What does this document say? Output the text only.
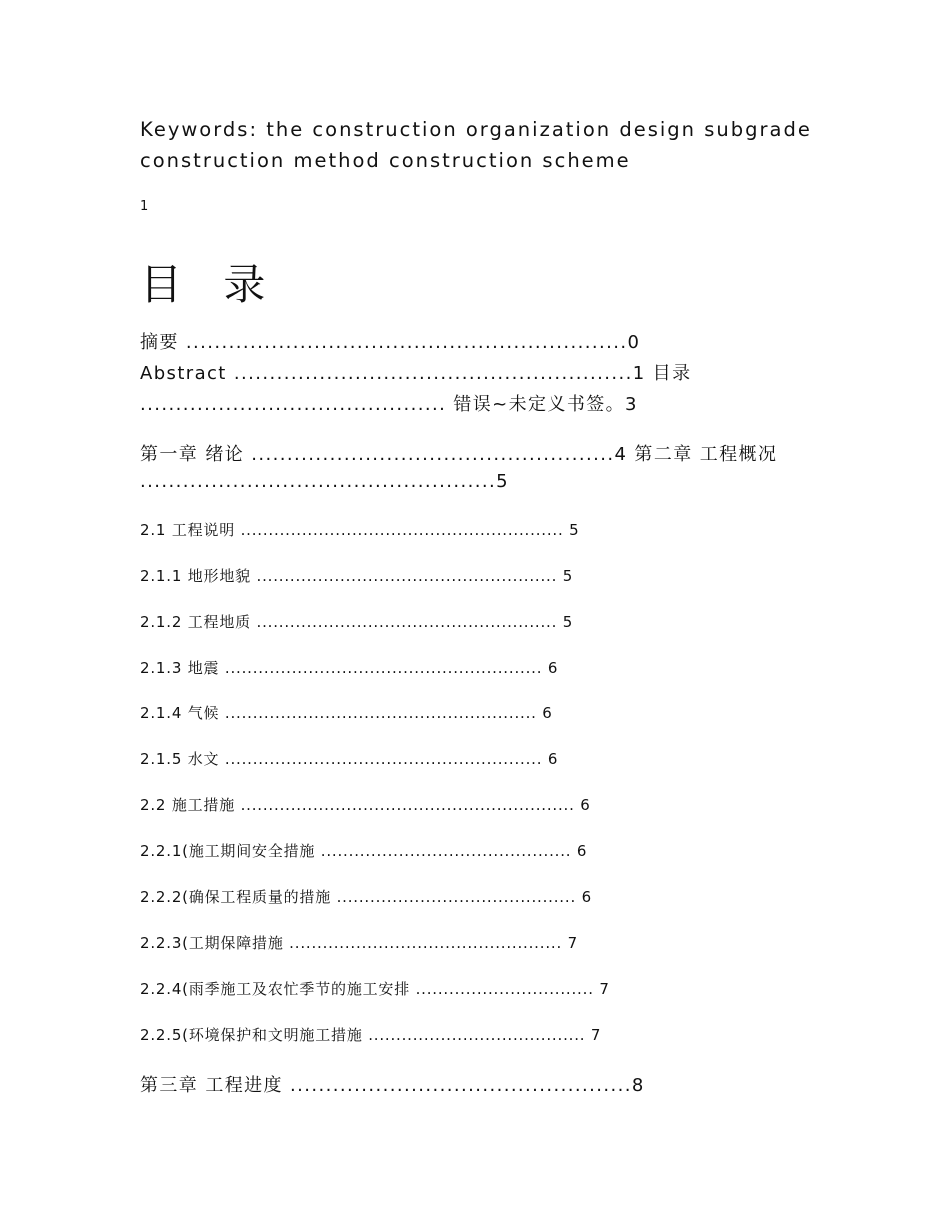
Keywords: the construction organization design subgrade
construction method construction scheme
1
目 录
摘要 ..............................................................0
Abstract ........................................................1 目录
........................................... 错误~未定义书签。3
第一章 绪论 ...................................................4 第二章 工程概况
..................................................5
2.1 工程说明 .......................................................... 5
2.1.1 地形地貌 ...................................................... 5
2.1.2 工程地质 ...................................................... 5
2.1.3 地震 ......................................................... 6
2.1.4 气候 ........................................................ 6
2.1.5 水文 ......................................................... 6
2.2 施工措施 ............................................................ 6
2.2.1(施工期间安全措施 ............................................. 6
2.2.2(确保工程质量的措施 ........................................... 6
2.2.3(工期保障措施 ................................................. 7
2.2.4(雨季施工及农忙季节的施工安排 ................................ 7
2.2.5(环境保护和文明施工措施 ....................................... 7
第三章 工程进度 ................................................8
